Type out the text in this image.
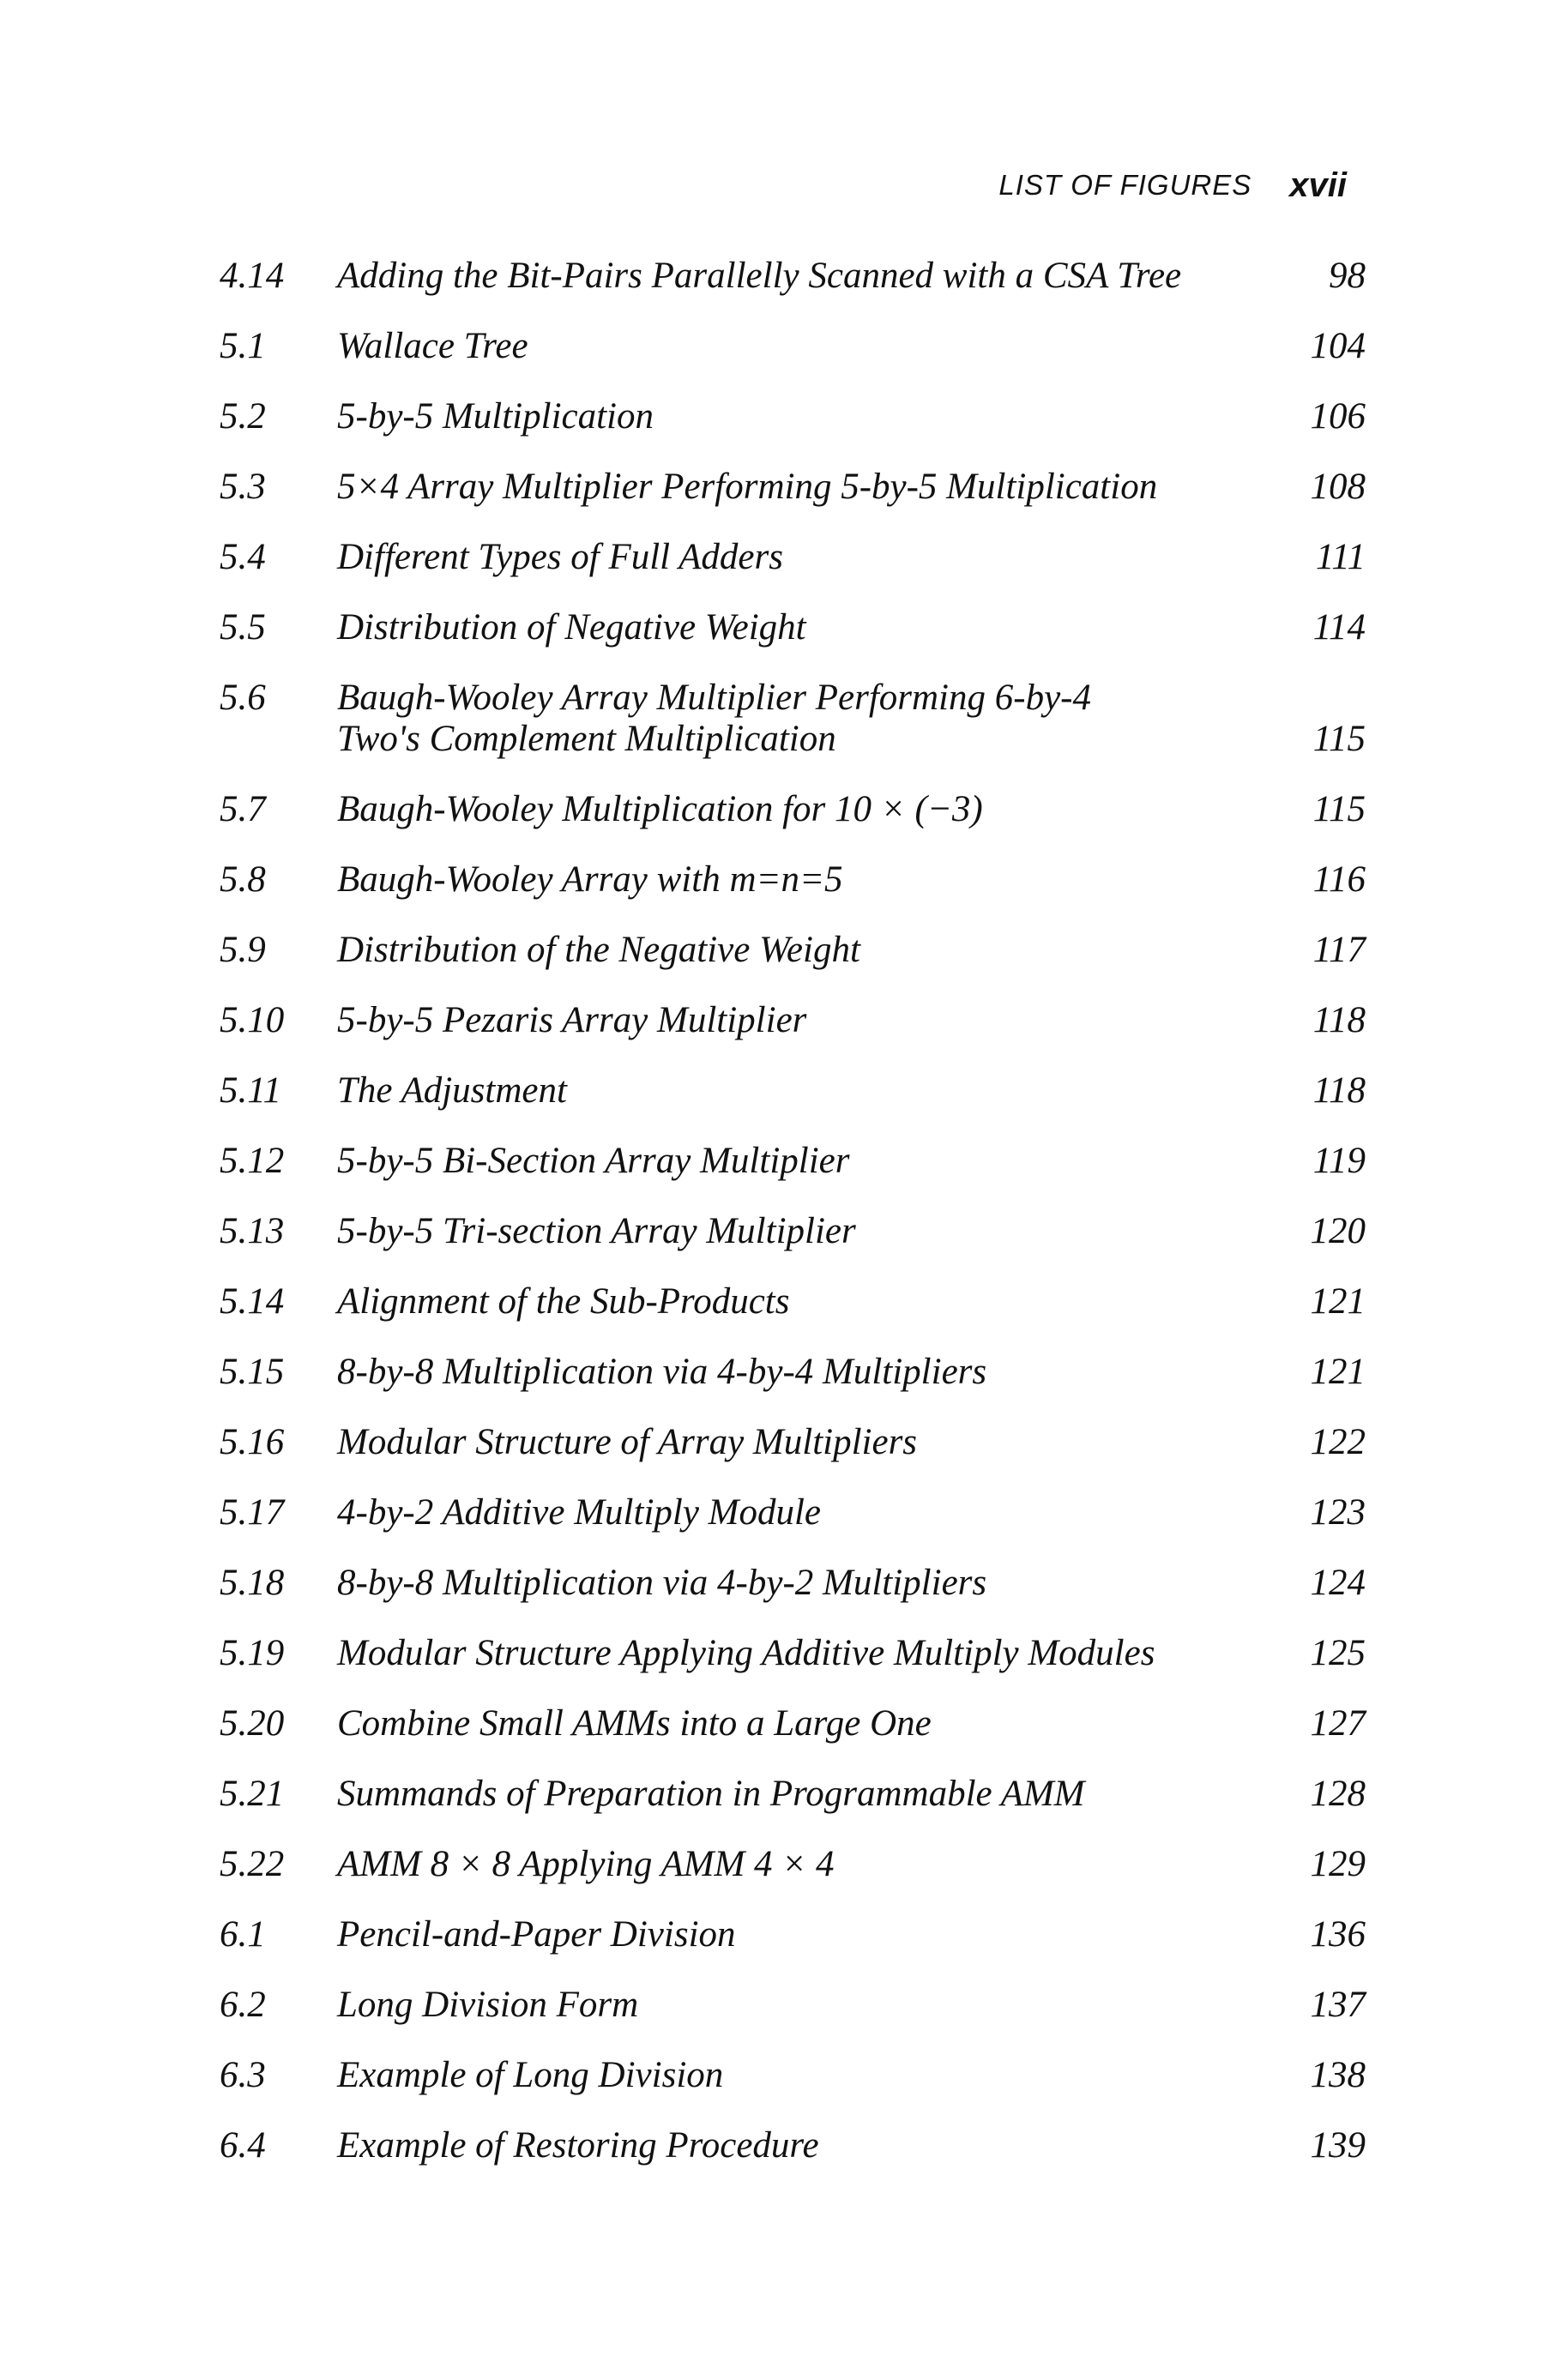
LIST OF FIGURES xvii
4.14 Adding the Bit-Pairs Parallelly Scanned with a CSA Tree	98
5.1 Wallace Tree	104
5.2 5-by-5 Multiplication	106
5.3 5×4 Array Multiplier Performing 5-by-5 Multiplication	108
5.4 Different Types of Full Adders	111
5.5 Distribution of Negative Weight	114
5.6 Baugh-Wooley Array Multiplier Performing 6-by-4
Two's Complement Multiplication	115
5.7 Baugh-Wooley Multiplication for 10 × (−3)	115
5.8 Baugh-Wooley Array with m=n=5	116
5.9 Distribution of the Negative Weight	117
5.10 5-by-5 Pezaris Array Multiplier	118
5.11 The Adjustment	118
5.12 5-by-5 Bi-Section Array Multiplier	119
5.13 5-by-5 Tri-section Array Multiplier	120
5.14 Alignment of the Sub-Products	121
5.15 8-by-8 Multiplication via 4-by-4 Multipliers	121
5.16 Modular Structure of Array Multipliers	122
5.17 4-by-2 Additive Multiply Module	123
5.18 8-by-8 Multiplication via 4-by-2 Multipliers	124
5.19 Modular Structure Applying Additive Multiply Modules	125
5.20 Combine Small AMMs into a Large One	127
5.21 Summands of Preparation in Programmable AMM	128
5.22 AMM 8 × 8 Applying AMM 4 × 4	129
6.1 Pencil-and-Paper Division	136
6.2 Long Division Form	137
6.3 Example of Long Division	138
6.4 Example of Restoring Procedure	139
